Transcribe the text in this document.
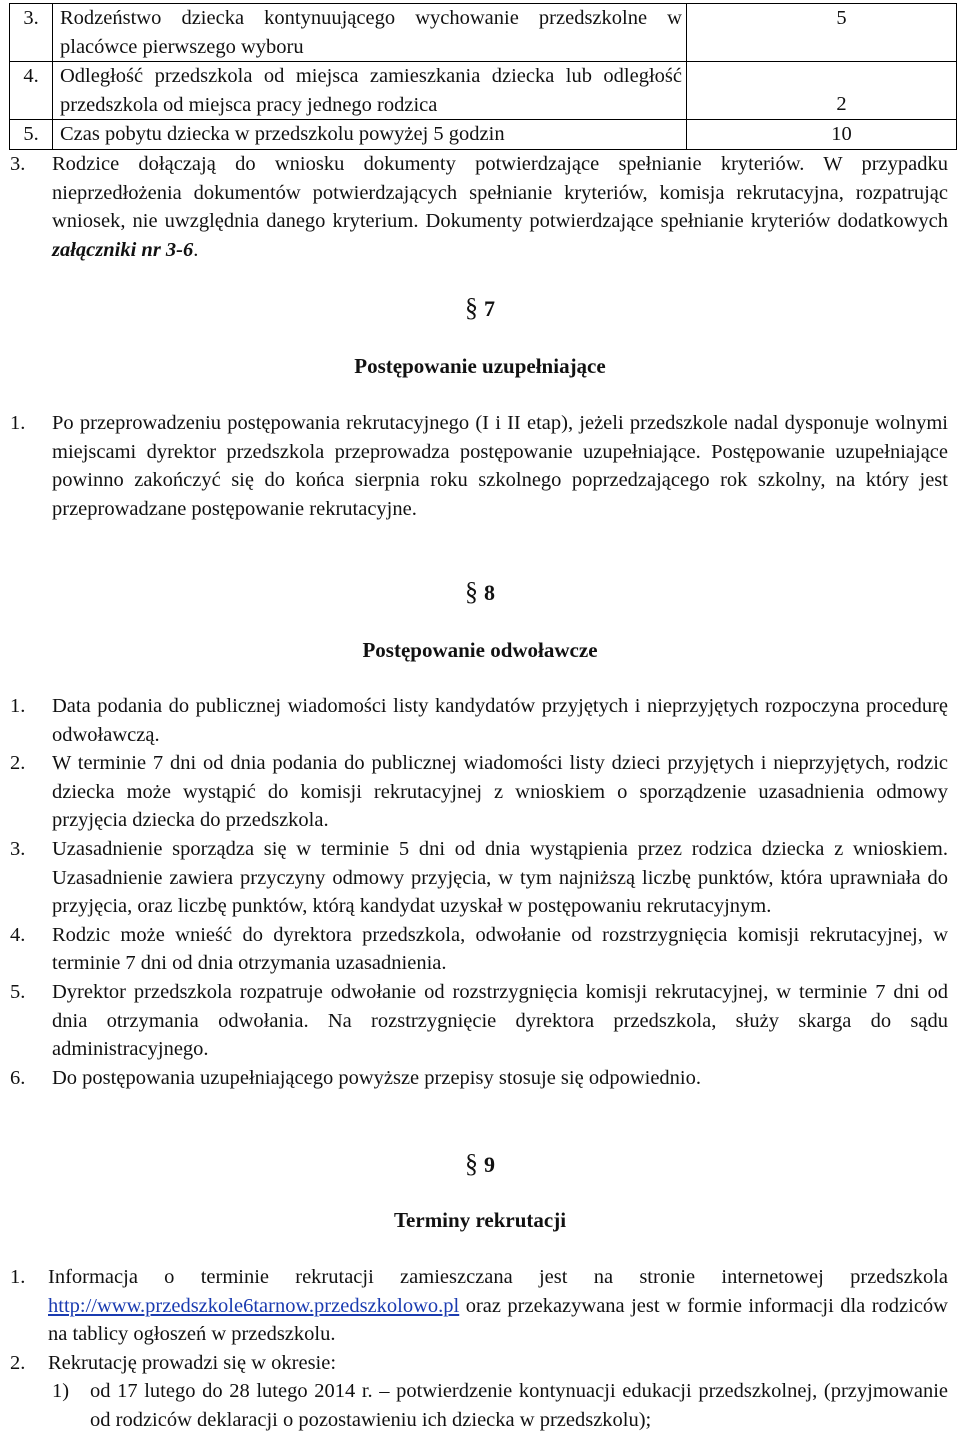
3.	Rodzeństwo dziecka kontynuującego wychowanie przedszkolne w placówce pierwszego wyboru	5
4.	Odległość przedszkola od miejsca zamieszkania dziecka lub odległość przedszkola od miejsca pracy jednego rodzica	2
5.	Czas pobytu dziecka w przedszkolu powyżej 5 godzin	10
3.	Rodzice dołączają do wniosku dokumenty potwierdzające spełnianie kryteriów. W przypadku nieprzedłożenia dokumentów potwierdzających spełnianie kryteriów, komisja rekrutacyjna, rozpatrując wniosek, nie uwzględnia danego kryterium. Dokumenty potwierdzające spełnianie kryteriów dodatkowych załączniki nr 3-6.
§ 7
Postępowanie uzupełniające
1.	Po przeprowadzeniu postępowania rekrutacyjnego (I i II etap), jeżeli przedszkole nadal dysponuje wolnymi miejscami dyrektor przedszkola przeprowadza postępowanie uzupełniające. Postępowanie uzupełniające powinno zakończyć się do końca sierpnia roku szkolnego poprzedzającego rok szkolny, na który jest przeprowadzane postępowanie rekrutacyjne.
§ 8
Postępowanie odwoławcze
1.	Data podania do publicznej wiadomości listy kandydatów przyjętych i nieprzyjętych rozpoczyna procedurę odwoławczą.
2.	W terminie 7 dni od dnia podania do publicznej wiadomości listy dzieci przyjętych i nieprzyjętych, rodzic dziecka może wystąpić do komisji rekrutacyjnej z wnioskiem o sporządzenie uzasadnienia odmowy przyjęcia dziecka do przedszkola.
3.	Uzasadnienie sporządza się w terminie 5 dni od dnia wystąpienia przez rodzica dziecka z wnioskiem. Uzasadnienie zawiera przyczyny odmowy przyjęcia, w tym najniższą liczbę punktów, która uprawniała do przyjęcia, oraz liczbę punktów, którą kandydat uzyskał w postępowaniu rekrutacyjnym.
4.	Rodzic może wnieść do dyrektora przedszkola, odwołanie od rozstrzygnięcia komisji rekrutacyjnej, w terminie 7 dni od dnia otrzymania uzasadnienia.
5.	Dyrektor przedszkola rozpatruje odwołanie od rozstrzygnięcia komisji rekrutacyjnej, w terminie 7 dni od dnia otrzymania odwołania. Na rozstrzygnięcie dyrektora przedszkola, służy skarga do sądu administracyjnego.
6.	Do postępowania uzupełniającego powyższe przepisy stosuje się odpowiednio.
§ 9
Terminy rekrutacji
1.	Informacja o terminie rekrutacji zamieszczana jest na stronie internetowej przedszkola http://www.przedszkole6tarnow.przedszkolowo.pl oraz przekazywana jest w formie informacji dla rodziców na tablicy ogłoszeń w przedszkolu.
2.	Rekrutację prowadzi się w okresie:
1)	od 17 lutego do 28 lutego 2014 r. – potwierdzenie kontynuacji edukacji przedszkolnej, (przyjmowanie od rodziców deklaracji o pozostawieniu ich dziecka w przedszkolu);
